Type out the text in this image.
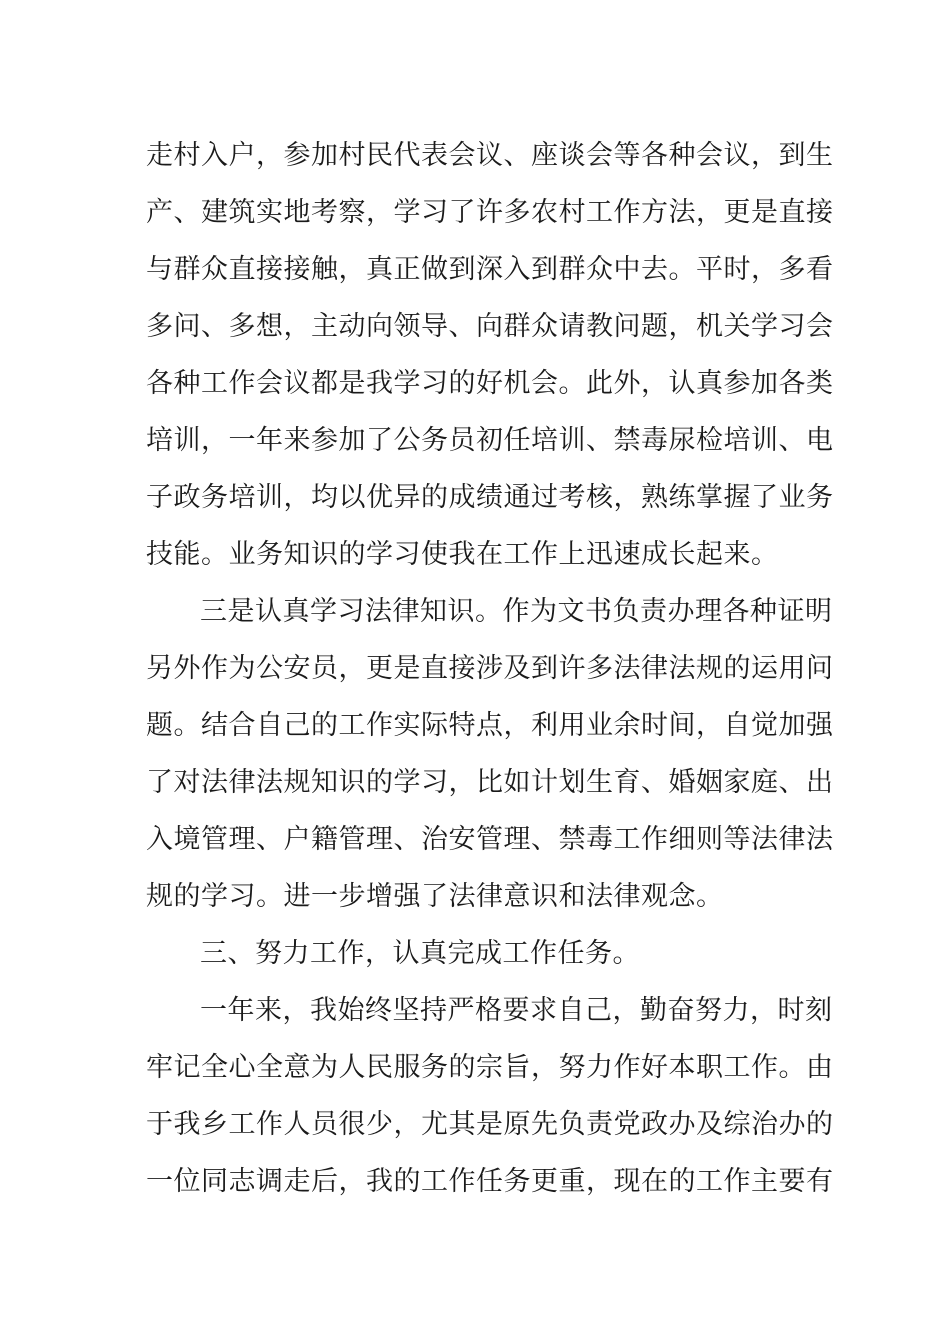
走村入户，参加村民代表会议、座谈会等各种会议，到生
产、建筑实地考察，学习了许多农村工作方法，更是直接
与群众直接接触，真正做到深入到群众中去。平时，多看
多问、多想，主动向领导、向群众请教问题，机关学习会
各种工作会议都是我学习的好机会。此外，认真参加各类
培训，一年来参加了公务员初任培训、禁毒尿检培训、电
子政务培训，均以优异的成绩通过考核，熟练掌握了业务
技能。业务知识的学习使我在工作上迅速成长起来。
三是认真学习法律知识。作为文书负责办理各种证明
另外作为公安员，更是直接涉及到许多法律法规的运用问
题。结合自己的工作实际特点，利用业余时间，自觉加强
了对法律法规知识的学习，比如计划生育、婚姻家庭、出
入境管理、户籍管理、治安管理、禁毒工作细则等法律法
规的学习。进一步增强了法律意识和法律观念。
三、努力工作，认真完成工作任务。
一年来，我始终坚持严格要求自己，勤奋努力，时刻
牢记全心全意为人民服务的宗旨，努力作好本职工作。由
于我乡工作人员很少，尤其是原先负责党政办及综治办的
一位同志调走后，我的工作任务更重，现在的工作主要有
